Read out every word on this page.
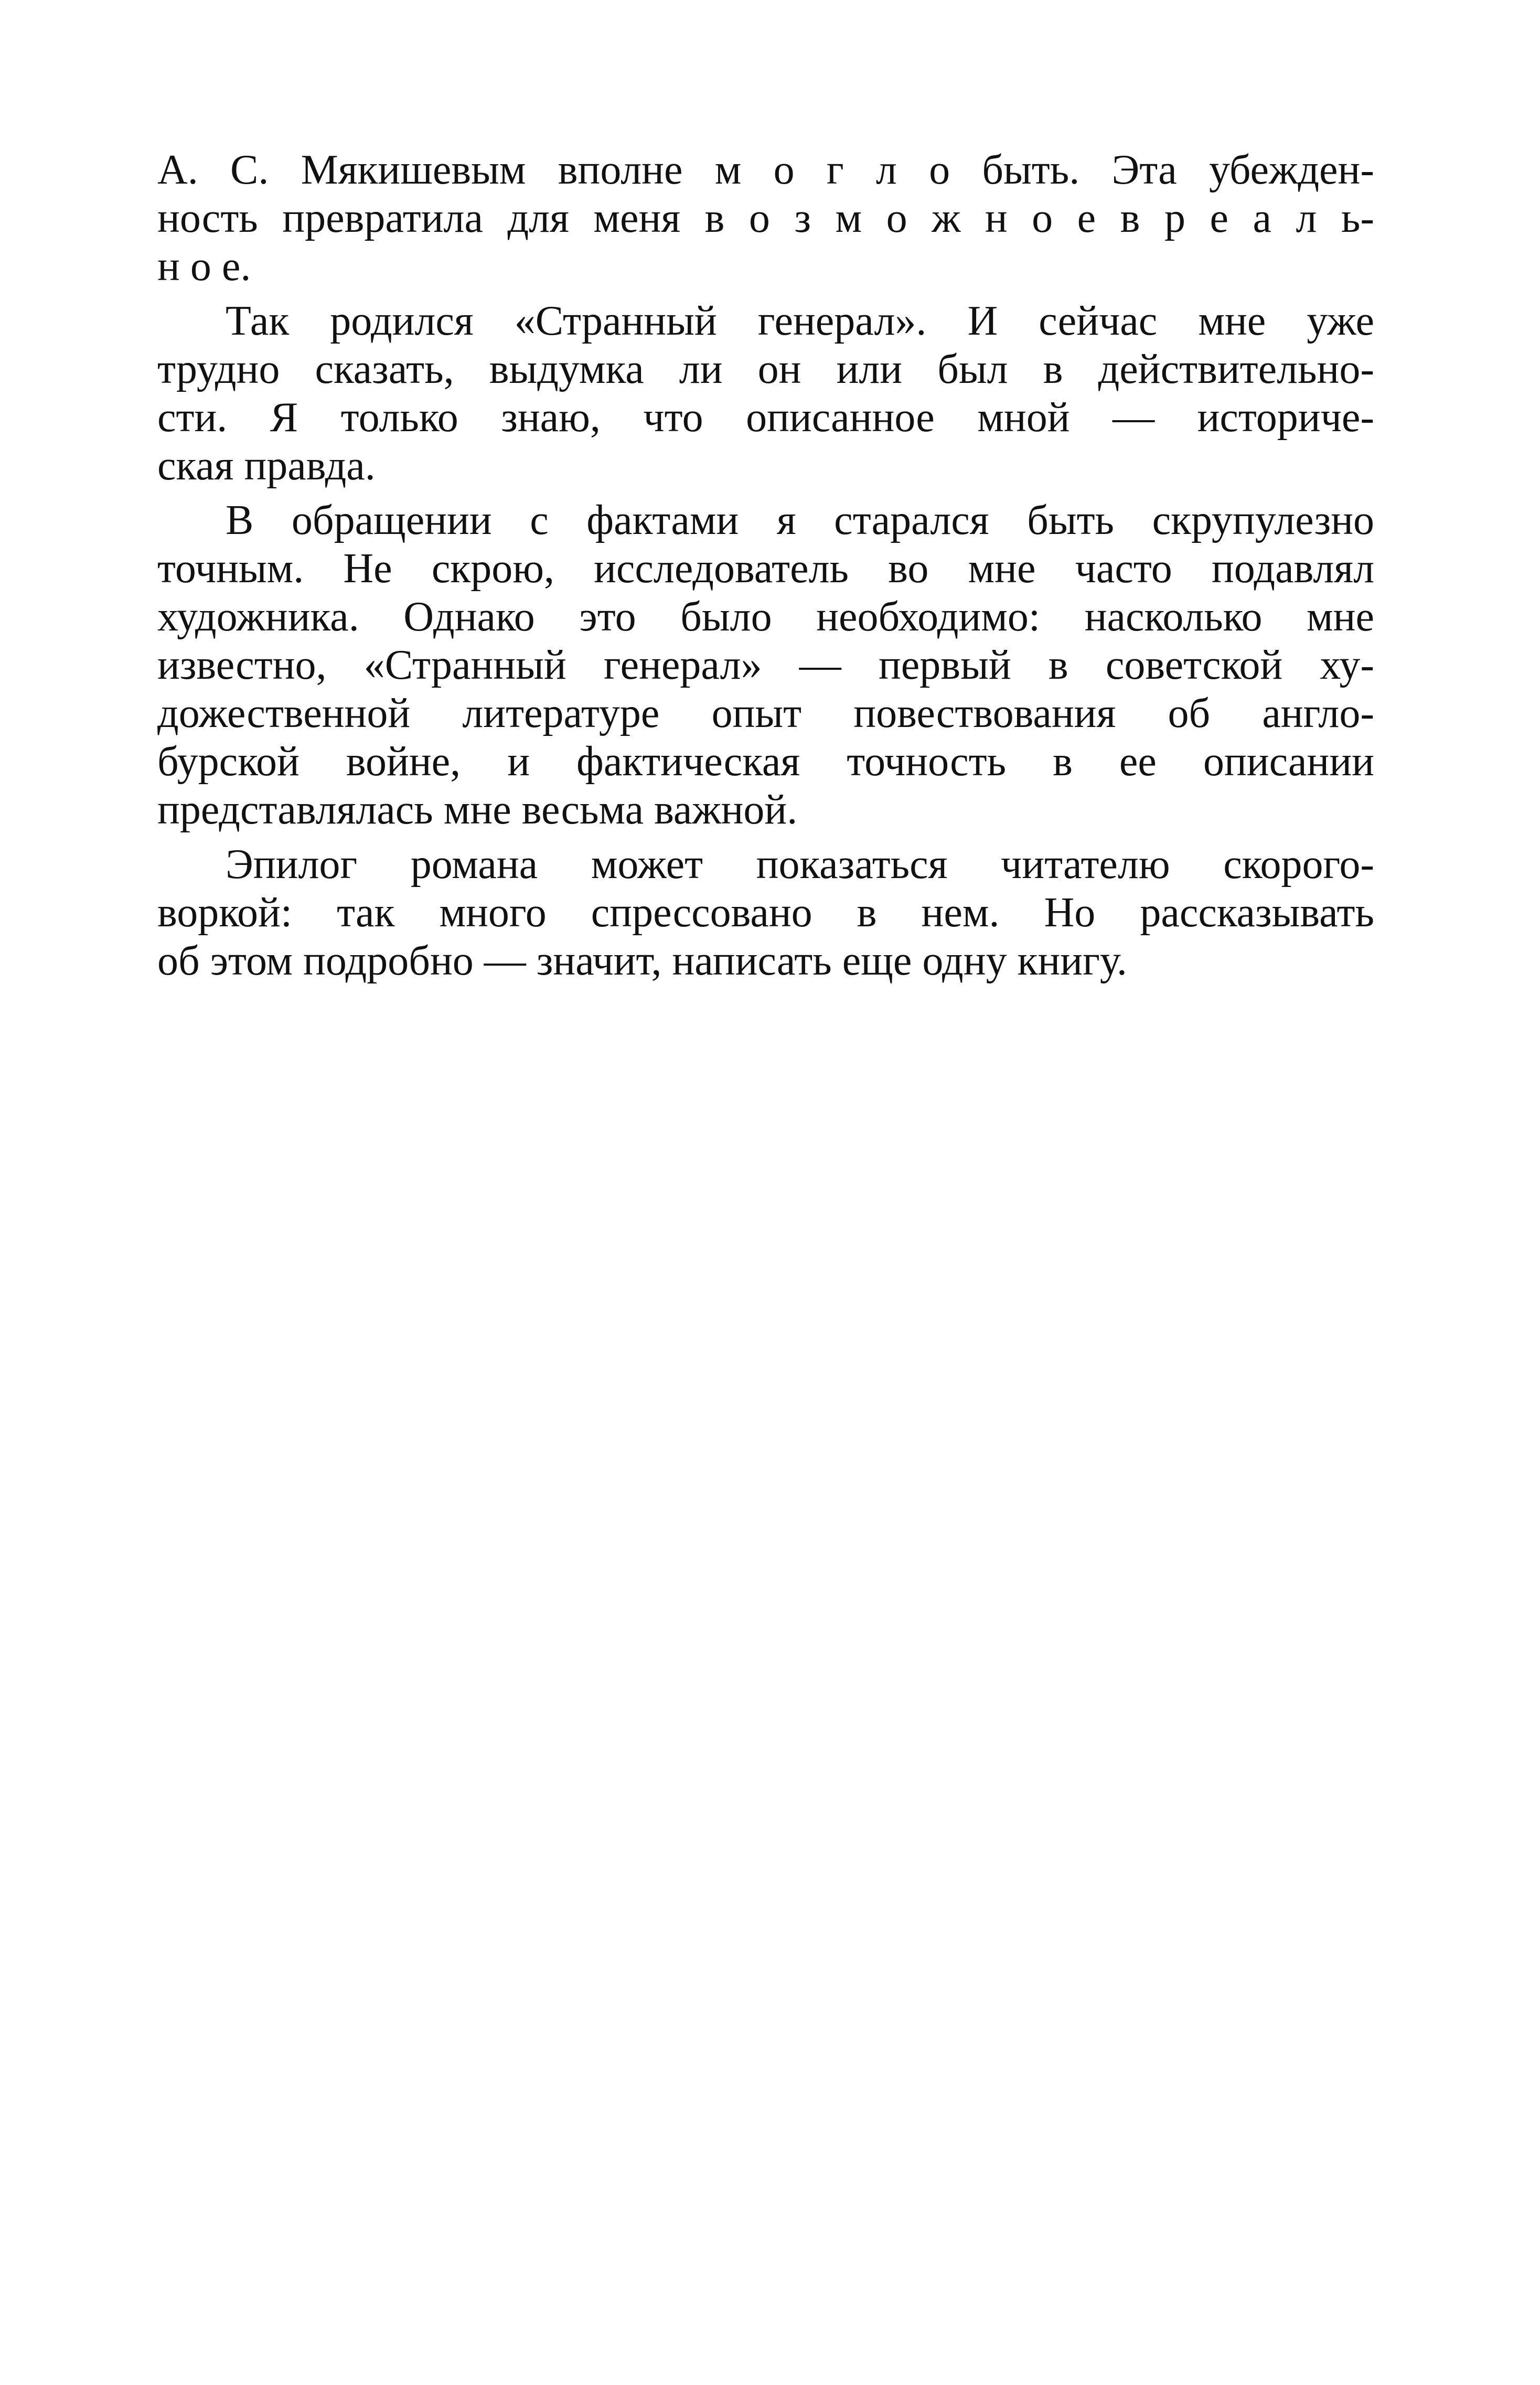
А. С. Мякишевым вполне м о г л о быть. Эта убежден-
ность превратила для меня в о з м о ж н о е в р е а л ь-
н о е.
Так родился «Странный генерал». И сейчас мне уже
трудно сказать, выдумка ли он или был в действительно-
сти. Я только знаю, что описанное мной — историче-
ская правда.
В обращении с фактами я старался быть скрупулезно
точным. Не скрою, исследователь во мне часто подавлял
художника. Однако это было необходимо: насколько мне
известно, «Странный генерал» — первый в советской ху-
дожественной литературе опыт повествования об англо-
бурской войне, и фактическая точность в ее описании
представлялась мне весьма важной.
Эпилог романа может показаться читателю скорого-
воркой: так много спрессовано в нем. Но рассказывать
об этом подробно — значит, написать еще одну книгу.
